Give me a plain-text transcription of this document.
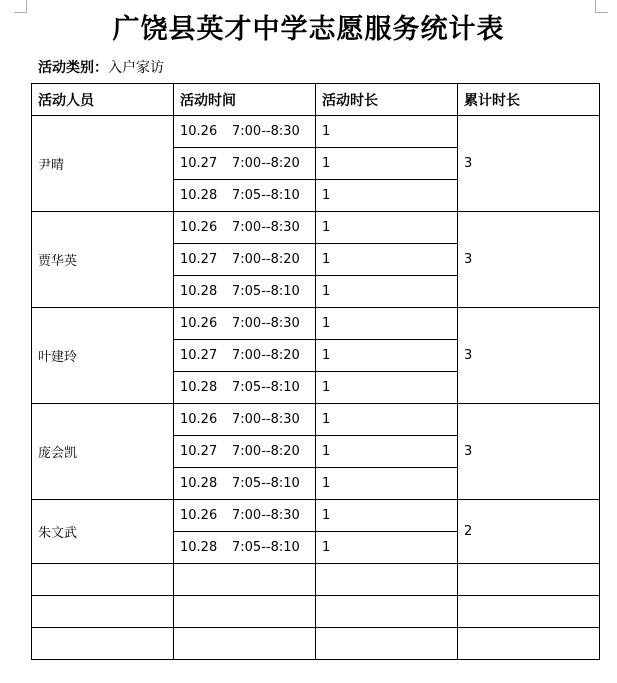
广饶县英才中学志愿服务统计表
活动类别：入户家访
活动人员	活动时间	活动时长	累计时长
尹晴	10.26 7:00--8:30	1	3
	10.27 7:00--8:20	1	
	10.28 7:05--8:10	1	
贾华英	10.26 7:00--8:30	1	3
	10.27 7:00--8:20	1	
	10.28 7:05--8:10	1	
叶建玲	10.26 7:00--8:30	1	3
	10.27 7:00--8:20	1	
	10.28 7:05--8:10	1	
庞会凯	10.26 7:00--8:30	1	3
	10.27 7:00--8:20	1	
	10.28 7:05--8:10	1	
朱文武	10.26 7:00--8:30	1	2
	10.28 7:05--8:10	1	
